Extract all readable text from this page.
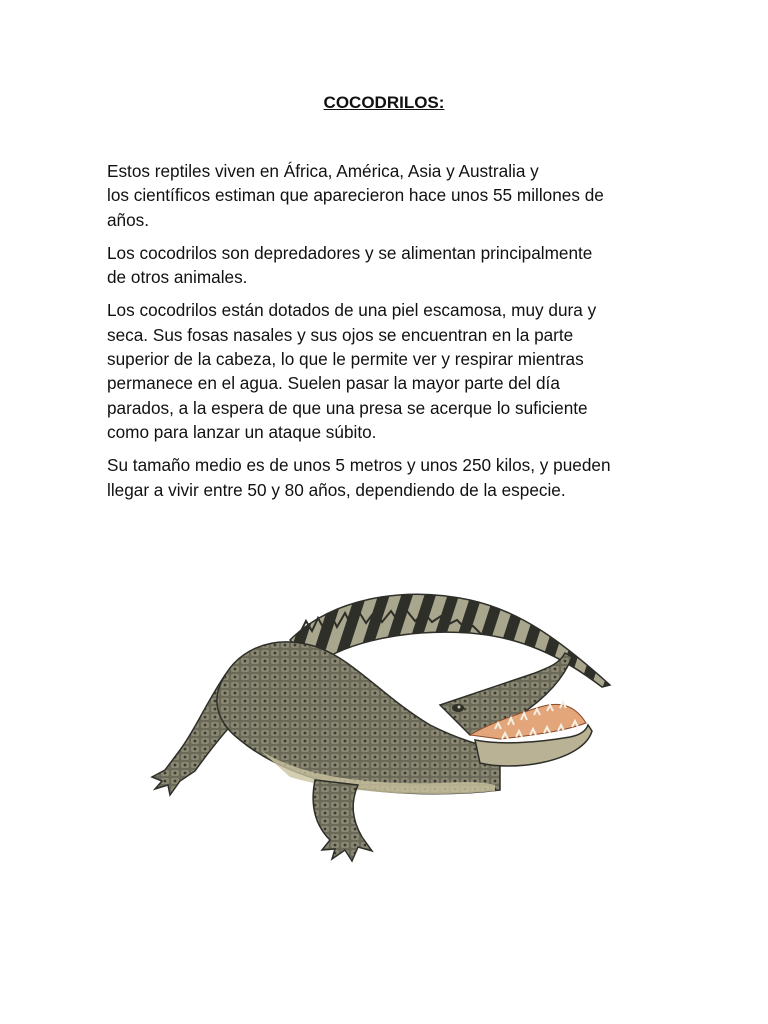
COCODRILOS:

Estos reptiles viven en África, América, Asia y Australia y
los científicos estiman que aparecieron hace unos 55 millones de
años.

Los cocodrilos son depredadores y se alimentan principalmente
de otros animales.

Los cocodrilos están dotados de una piel escamosa, muy dura y
seca. Sus fosas nasales y sus ojos se encuentran en la parte
superior de la cabeza, lo que le permite ver y respirar mientras
permanece en el agua. Suelen pasar la mayor parte del día
parados, a la espera de que una presa se acerque lo suficiente
como para lanzar un ataque súbito.

Su tamaño medio es de unos 5 metros y unos 250 kilos, y pueden
llegar a vivir entre 50 y 80 años, dependiendo de la especie.
